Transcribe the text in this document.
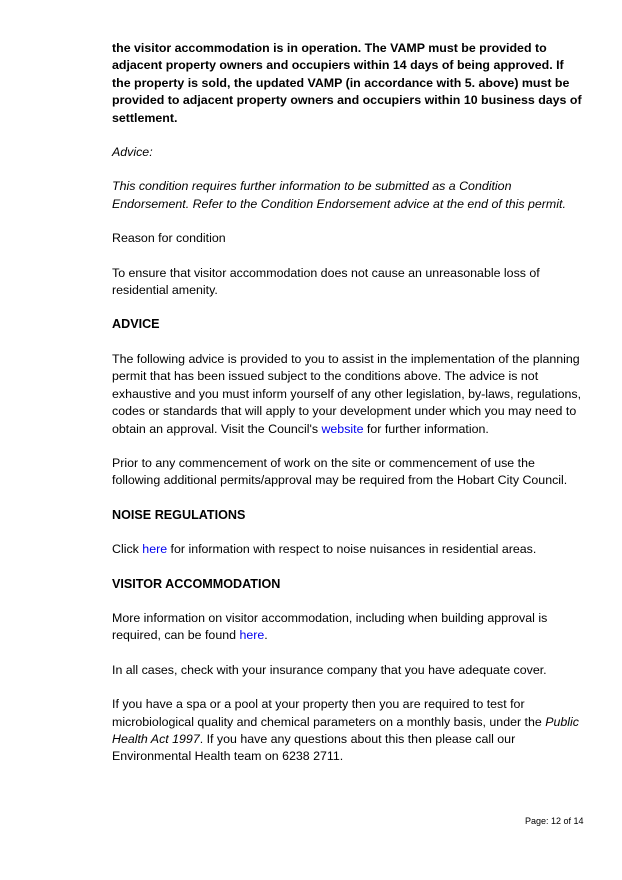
the visitor accommodation is in operation. The VAMP must be provided to adjacent property owners and occupiers within 14 days of being approved. If the property is sold, the updated VAMP (in accordance with 5. above) must be provided to adjacent property owners and occupiers within 10 business days of settlement.

Advice:

This condition requires further information to be submitted as a Condition Endorsement. Refer to the Condition Endorsement advice at the end of this permit.

Reason for condition

To ensure that visitor accommodation does not cause an unreasonable loss of residential amenity.

ADVICE

The following advice is provided to you to assist in the implementation of the planning permit that has been issued subject to the conditions above. The advice is not exhaustive and you must inform yourself of any other legislation, by-laws, regulations, codes or standards that will apply to your development under which you may need to obtain an approval. Visit the Council's website for further information.

Prior to any commencement of work on the site or commencement of use the following additional permits/approval may be required from the Hobart City Council.

NOISE REGULATIONS

Click here for information with respect to noise nuisances in residential areas.

VISITOR ACCOMMODATION

More information on visitor accommodation, including when building approval is required, can be found here.

In all cases, check with your insurance company that you have adequate cover.

If you have a spa or a pool at your property then you are required to test for microbiological quality and chemical parameters on a monthly basis, under the Public Health Act 1997. If you have any questions about this then please call our Environmental Health team on 6238 2711.

Page: 12 of 14
